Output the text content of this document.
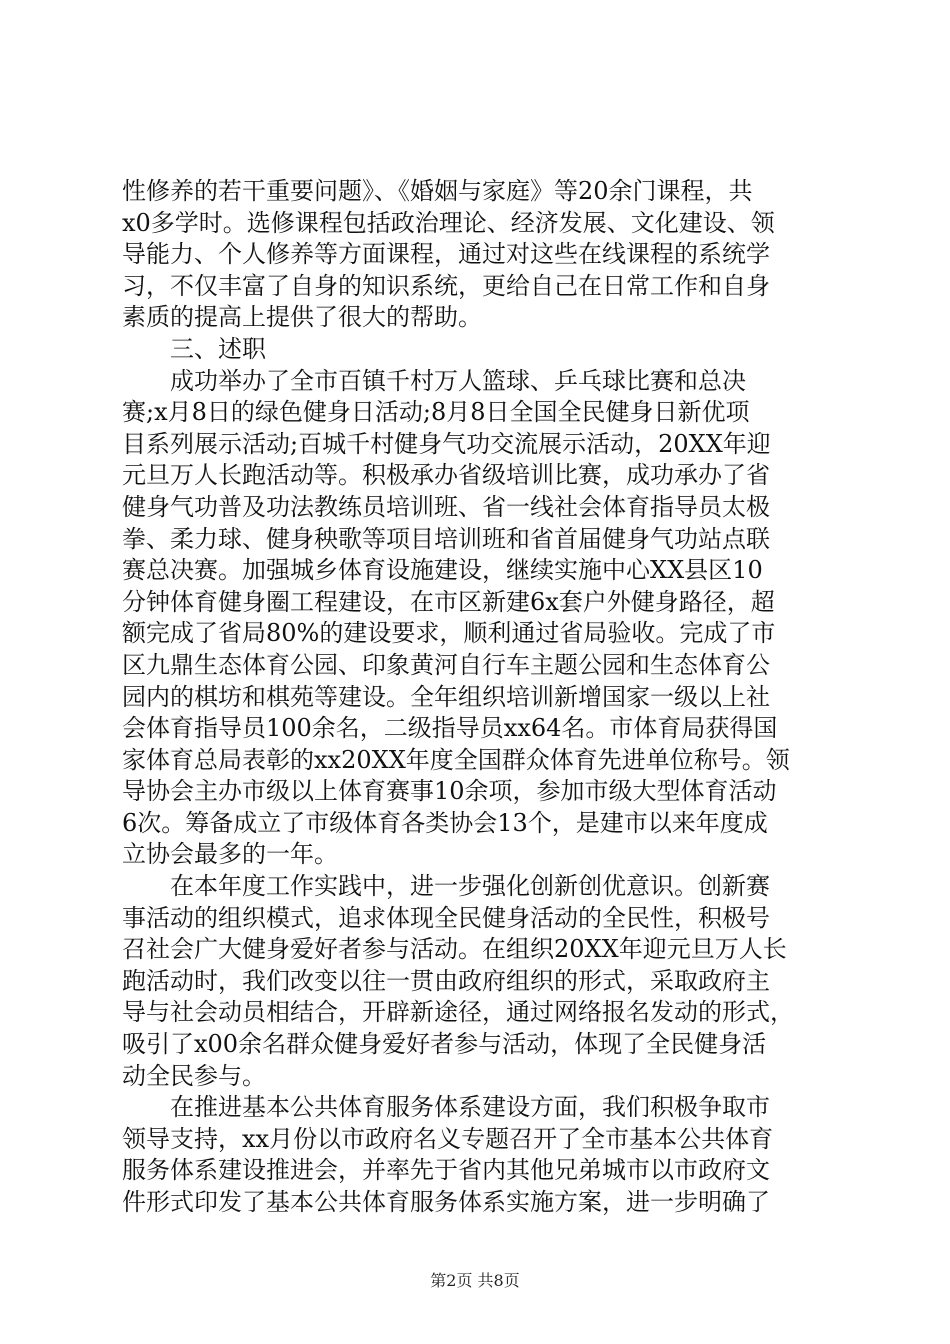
性修养的若干重要问题》、《婚姻与家庭》等20余门课程，共
x0多学时。选修课程包括政治理论、经济发展、文化建设、领
导能力、个人修养等方面课程，通过对这些在线课程的系统学
习，不仅丰富了自身的知识系统，更给自己在日常工作和自身
素质的提高上提供了很大的帮助。
　　三、述职
　　成功举办了全市百镇千村万人篮球、乒乓球比赛和总决
赛;x月8日的绿色健身日活动;8月8日全国全民健身日新优项
目系列展示活动;百城千村健身气功交流展示活动，20XX年迎
元旦万人长跑活动等。积极承办省级培训比赛，成功承办了省
健身气功普及功法教练员培训班、省一线社会体育指导员太极
拳、柔力球、健身秧歌等项目培训班和省首届健身气功站点联
赛总决赛。加强城乡体育设施建设，继续实施中心XX县区10
分钟体育健身圈工程建设，在市区新建6x套户外健身路径，超
额完成了省局80%的建设要求，顺利通过省局验收。完成了市
区九鼎生态体育公园、印象黄河自行车主题公园和生态体育公
园内的棋坊和棋苑等建设。全年组织培训新增国家一级以上社
会体育指导员100余名，二级指导员xx64名。市体育局获得国
家体育总局表彰的xx20XX年度全国群众体育先进单位称号。领
导协会主办市级以上体育赛事10余项，参加市级大型体育活动
6次。筹备成立了市级体育各类协会13个，是建市以来年度成
立协会最多的一年。
　　在本年度工作实践中，进一步强化创新创优意识。创新赛
事活动的组织模式，追求体现全民健身活动的全民性，积极号
召社会广大健身爱好者参与活动。在组织20XX年迎元旦万人长
跑活动时，我们改变以往一贯由政府组织的形式，采取政府主
导与社会动员相结合，开辟新途径，通过网络报名发动的形式，
吸引了x00余名群众健身爱好者参与活动，体现了全民健身活
动全民参与。
　　在推进基本公共体育服务体系建设方面，我们积极争取市
领导支持，xx月份以市政府名义专题召开了全市基本公共体育
服务体系建设推进会，并率先于省内其他兄弟城市以市政府文
件形式印发了基本公共体育服务体系实施方案，进一步明确了
第2页 共8页
